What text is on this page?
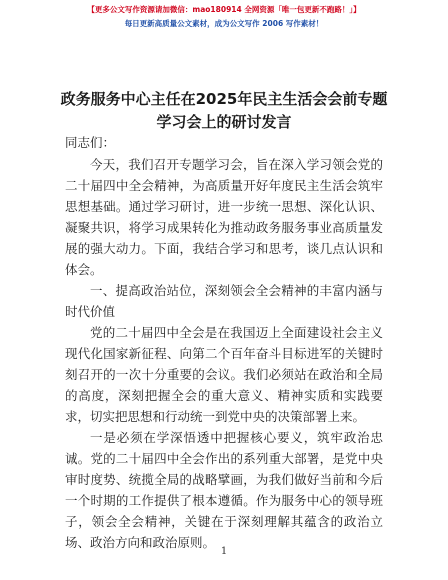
【更多公文写作资源请加微信：mao180914 全网资源「唯一包更新不跑路！」】
每日更新高质量公文素材，成为公文写作 2006 写作素材！
政务服务中心主任在2025年民主生活会会前专题学习会上的研讨发言

同志们：

今天，我们召开专题学习会，旨在深入学习领会党的二十届四中全会精神，为高质量开好年度民主生活会筑牢思想基础。通过学习研讨，进一步统一思想、深化认识、凝聚共识，将学习成果转化为推动政务服务事业高质量发展的强大动力。下面，我结合学习和思考，谈几点认识和体会。

一、提高政治站位，深刻领会全会精神的丰富内涵与时代价值

党的二十届四中全会是在我国迈上全面建设社会主义现代化国家新征程、向第二个百年奋斗目标进军的关键时刻召开的一次十分重要的会议。我们必须站在政治和全局的高度，深刻把握全会的重大意义、精神实质和实践要求，切实把思想和行动统一到党中央的决策部署上来。

一是必须在学深悟透中把握核心要义，筑牢政治忠诚。党的二十届四中全会作出的系列重大部署，是党中央审时度势、统揽全局的战略擘画，为我们做好当前和今后一个时期的工作提供了根本遵循。作为服务中心的领导班子，领会全会精神，关键在于深刻理解其蕴含的政治立场、政治方向和政治原则。

1
